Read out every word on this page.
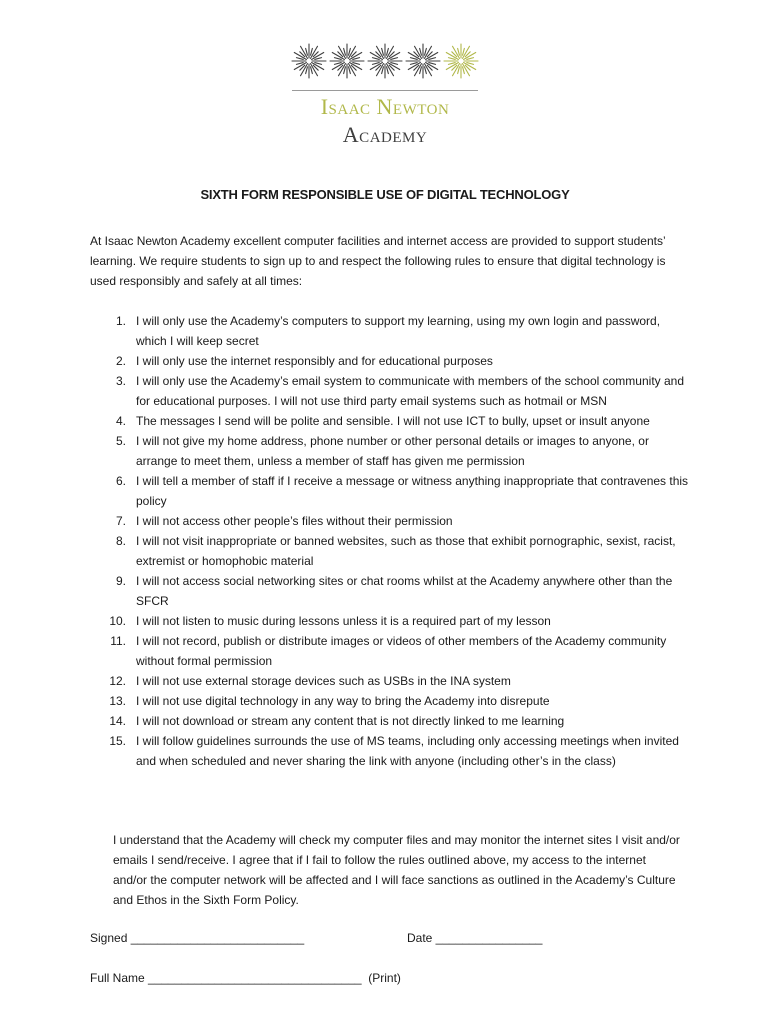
Isaac Newton
Academy
SIXTH FORM RESPONSIBLE USE OF DIGITAL TECHNOLOGY
At Isaac Newton Academy excellent computer facilities and internet access are provided to support students’ learning. We require students to sign up to and respect the following rules to ensure that digital technology is used responsibly and safely at all times:
1. I will only use the Academy’s computers to support my learning, using my own login and password, which I will keep secret
2. I will only use the internet responsibly and for educational purposes
3. I will only use the Academy’s email system to communicate with members of the school community and for educational purposes. I will not use third party email systems such as hotmail or MSN
4. The messages I send will be polite and sensible. I will not use ICT to bully, upset or insult anyone
5. I will not give my home address, phone number or other personal details or images to anyone, or arrange to meet them, unless a member of staff has given me permission
6. I will tell a member of staff if I receive a message or witness anything inappropriate that contravenes this policy
7. I will not access other people’s files without their permission
8. I will not visit inappropriate or banned websites, such as those that exhibit pornographic, sexist, racist, extremist or homophobic material
9. I will not access social networking sites or chat rooms whilst at the Academy anywhere other than the SFCR
10. I will not listen to music during lessons unless it is a required part of my lesson
11. I will not record, publish or distribute images or videos of other members of the Academy community without formal permission
12. I will not use external storage devices such as USBs in the INA system
13. I will not use digital technology in any way to bring the Academy into disrepute
14. I will not download or stream any content that is not directly linked to me learning
15. I will follow guidelines surrounds the use of MS teams, including only accessing meetings when invited and when scheduled and never sharing the link with anyone (including other’s in the class)
I understand that the Academy will check my computer files and may monitor the internet sites I visit and/or emails I send/receive. I agree that if I fail to follow the rules outlined above, my access to the internet and/or the computer network will be affected and I will face sanctions as outlined in the Academy’s Culture and Ethos in the Sixth Form Policy.
Signed __________________________	Date ________________
Full Name ________________________________  (Print)
